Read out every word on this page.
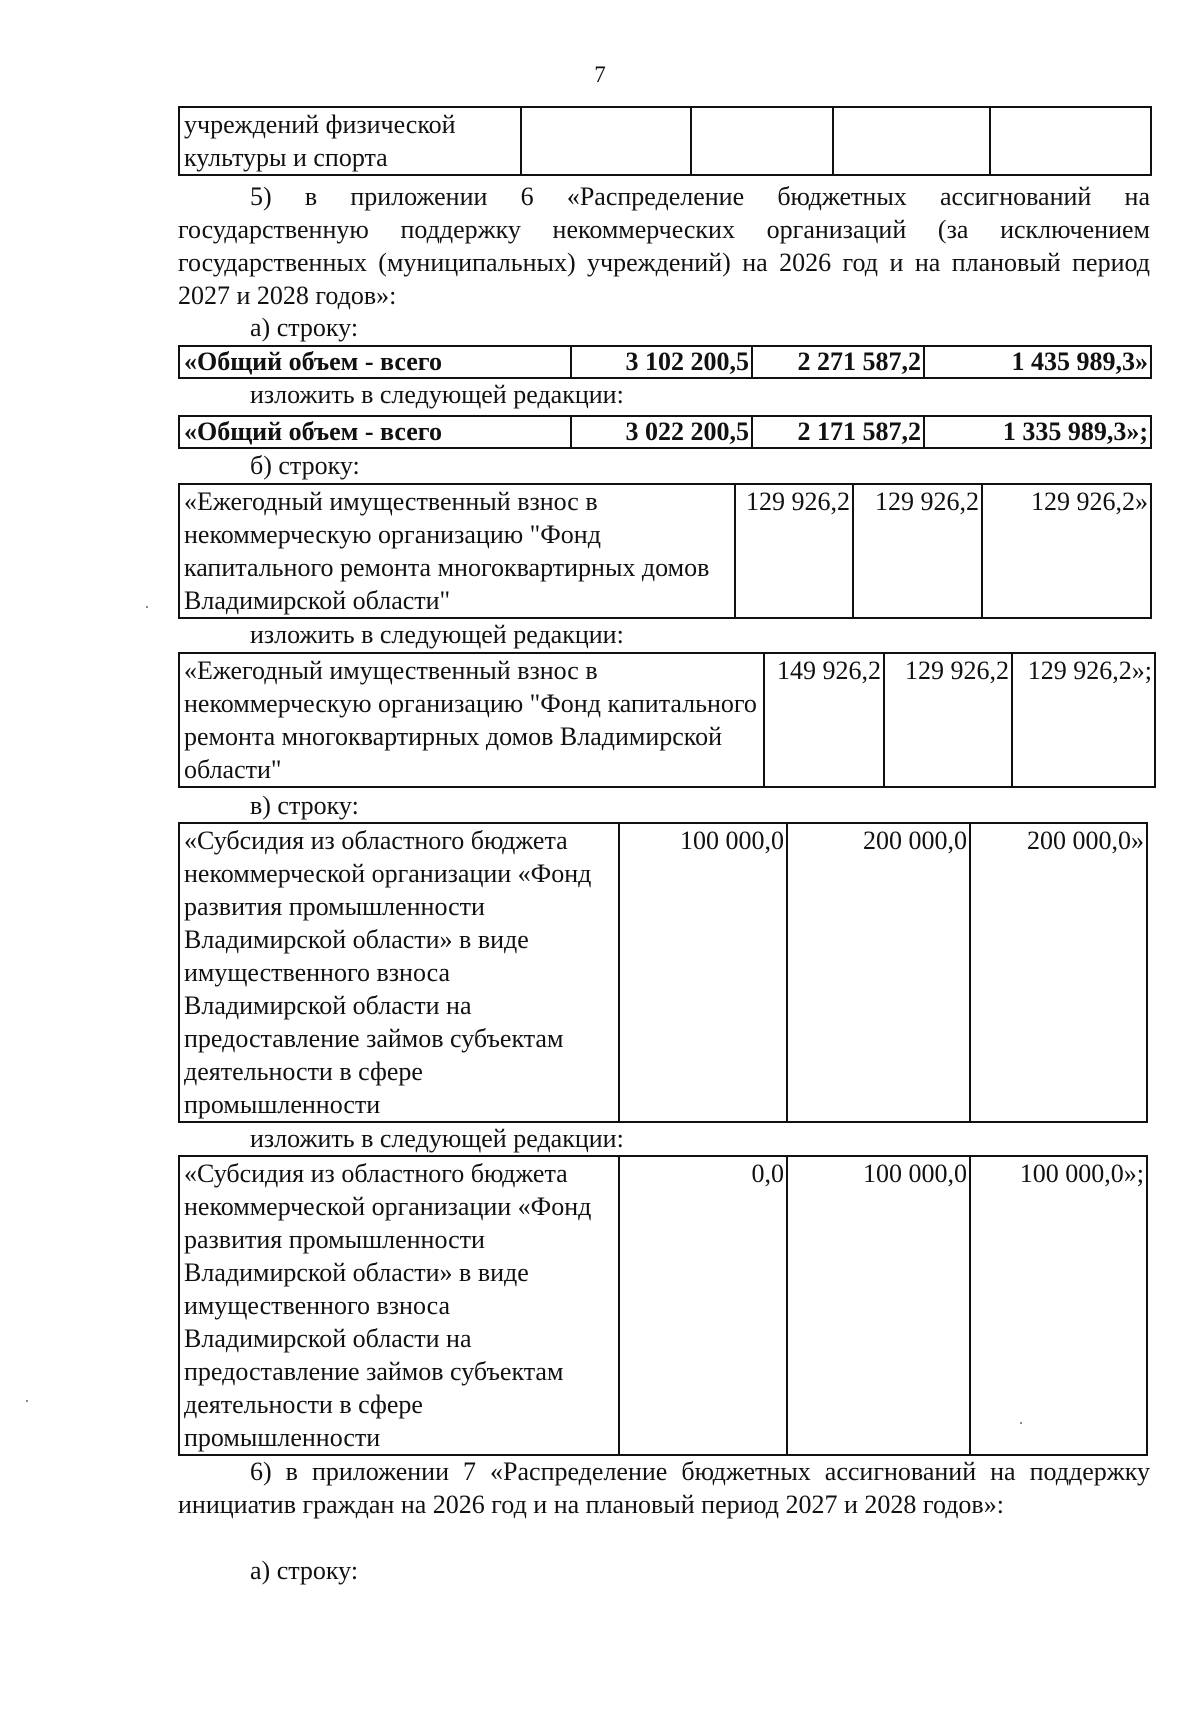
7
учреждений физической культуры и спорта				
5) в приложении 6 «Распределение бюджетных ассигнований на государственную поддержку некоммерческих организаций (за исключением государственных (муниципальных) учреждений) на 2026 год и на плановый период 2027 и 2028 годов»:
а) строку:
«Общий объем - всего	3 102 200,5	2 271 587,2	1 435 989,3»
изложить в следующей редакции:
«Общий объем - всего	3 022 200,5	2 171 587,2	1 335 989,3»;
б) строку:
«Ежегодный имущественный взнос в некоммерческую организацию "Фонд капитального ремонта многоквартирных домов Владимирской области"	129 926,2	129 926,2	129 926,2»
изложить в следующей редакции:
«Ежегодный имущественный взнос в некоммерческую организацию "Фонд капитального ремонта многоквартирных домов Владимирской области"	149 926,2	129 926,2	129 926,2»;
в) строку:
«Субсидия из областного бюджета некоммерческой организации «Фонд развития промышленности Владимирской области» в виде имущественного взноса Владимирской области на предоставление займов субъектам деятельности в сфере промышленности	100 000,0	200 000,0	200 000,0»
изложить в следующей редакции:
«Субсидия из областного бюджета некоммерческой организации «Фонд развития промышленности Владимирской области» в виде имущественного взноса Владимирской области на предоставление займов субъектам деятельности в сфере промышленности	0,0	100 000,0	100 000,0»;
6) в приложении 7 «Распределение бюджетных ассигнований на поддержку инициатив граждан на 2026 год и на плановый период 2027 и 2028 годов»:
а) строку:
